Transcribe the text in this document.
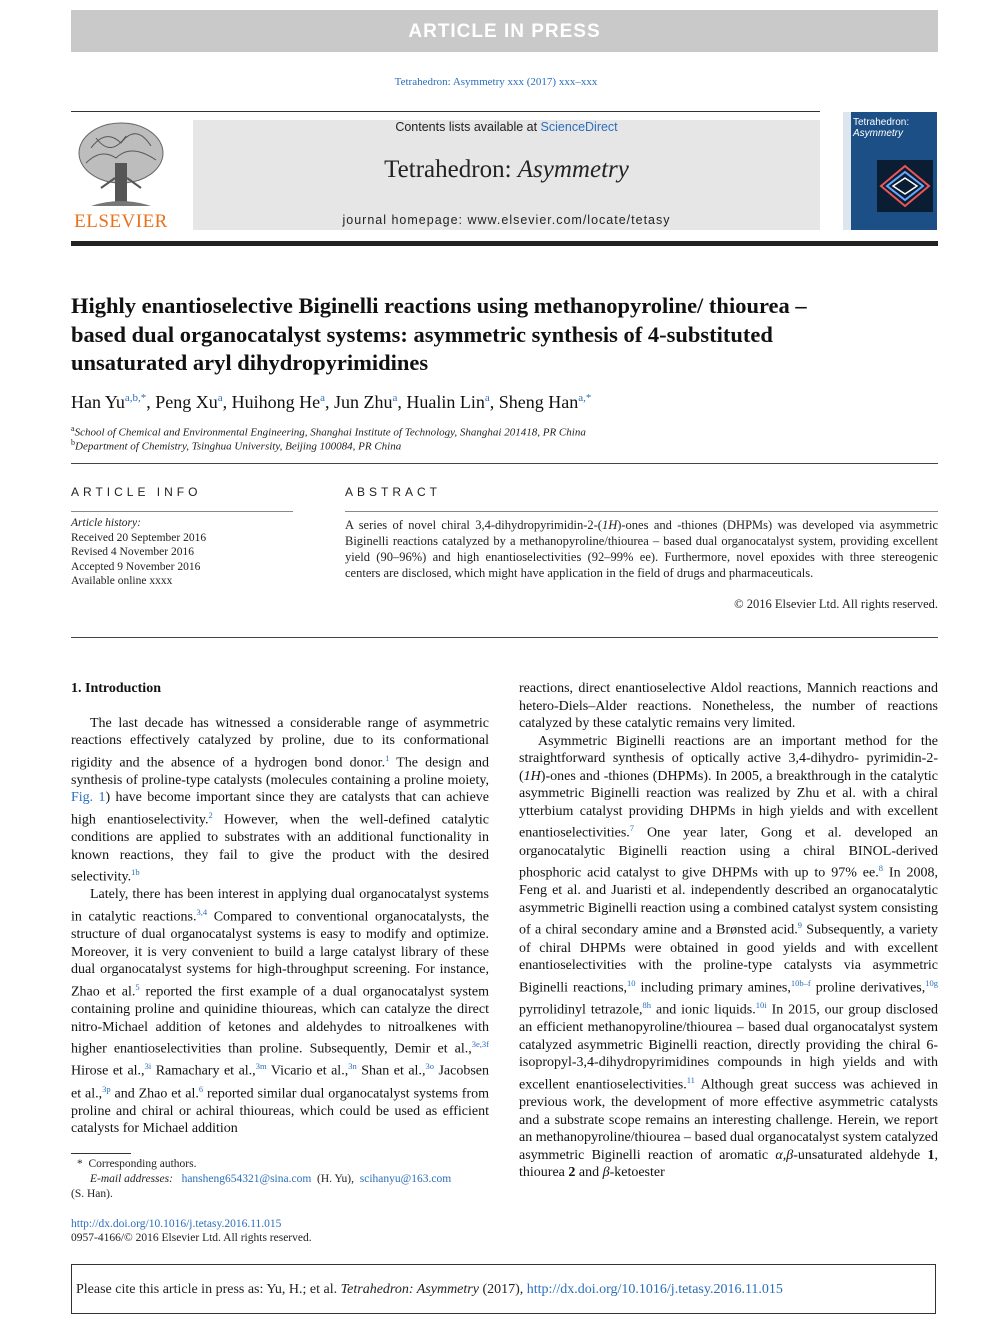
ARTICLE IN PRESS
Tetrahedron: Asymmetry xxx (2017) xxx–xxx
ELSEVIER
Contents lists available at ScienceDirect
Tetrahedron: Asymmetry
journal homepage: www.elsevier.com/locate/tetasy
Tetrahedron:
Asymmetry
Highly enantioselective Biginelli reactions using methanopyroline/ thiourea – based dual organocatalyst systems: asymmetric synthesis of 4-substituted unsaturated aryl dihydropyrimidines
Han $Yu^{a,b,*}$, Peng Xu$^a$, Huihong He$^a$, Jun Zhu$^a$, Hualin Lin$^a$, Sheng Han$^{a,*}$
$^a$School of Chemical and Environmental Engineering, Shanghai Institute of Technology, Shanghai 201418, PR China
$^b$Department of Chemistry, Tsinghua University, Beijing 100084, PR China
ARTICLE INFO
Article history:
Received 20 September 2016
Revised 4 November 2016
Accepted 9 November 2016
Available online xxxx
ABSTRACT
A series of novel chiral 3,4-dihydropyrimidin-2-(1H)-ones and -thiones (DHPMs) was developed via asymmetric Biginelli reactions catalyzed by a methanopyroline/thiourea – based dual organocatalyst system, providing excellent yield (90–96%) and high enantioselectivities (92–99% ee). Furthermore, novel epoxides with three stereogenic centers are disclosed, which might have application in the field of drugs and pharmaceuticals.
© 2016 Elsevier Ltd. All rights reserved.

1. Introduction

The last decade has witnessed a considerable range of asymmetric reactions effectively catalyzed by proline, due to its conformational rigidity and the absence of a hydrogen bond donor.$^1$ The design and synthesis of proline-type catalysts (molecules containing a proline moiety, Fig. 1) have become important since they are catalysts that can achieve high enantioselectivity.$^2$ However, when the well-defined catalytic conditions are applied to substrates with an additional functionality in known reactions, they fail to give the product with the desired selectivity.$^{1b}$

Lately, there has been interest in applying dual organocatalyst systems in catalytic reactions.$^{3,4}$ Compared to conventional organocatalysts, the structure of dual organocatalyst systems is easy to modify and optimize. Moreover, it is very convenient to build a large catalyst library of these dual organocatalyst systems for high-throughput screening. For instance, Zhao et al.$^5$ reported the first example of a dual organocatalyst system containing proline and quinidine thioureas, which can catalyze the direct nitro-Michael addition of ketones and aldehydes to nitroalkenes with higher enantioselectivities than proline. Subsequently, Demir et al.,$^{3e,3f}$ Hirose et al.,$^{3i}$ Ramachary et al.,$^{3m}$ Vicario et al.,$^{3n}$ Shan et al.,$^{3o}$ Jacobsen et al.,$^{3p}$ and Zhao et al.$^6$ reported similar dual organocatalyst systems from proline and chiral or achiral thioureas, which could be used as efficient catalysts for Michael addition

reactions, direct enantioselective Aldol reactions, Mannich reactions and hetero-Diels–Alder reactions. Nonetheless, the number of reactions catalyzed by these catalytic remains very limited.

Asymmetric Biginelli reactions are an important method for the straightforward synthesis of optically active 3,4-dihydro- pyrimidin-2-(1H)-ones and -thiones (DHPMs). In 2005, a breakthrough in the catalytic asymmetric Biginelli reaction was realized by Zhu et al. with a chiral ytterbium catalyst providing DHPMs in high yields and with excellent enantioselectivities.$^7$ One year later, Gong et al. developed an organocatalytic Biginelli reaction using a chiral BINOL-derived phosphoric acid catalyst to give DHPMs with up to 97% ee.$^8$ In 2008, Feng et al. and Juaristi et al. independently described an organocatalytic asymmetric Biginelli reaction using a combined catalyst system consisting of a chiral secondary amine and a Brønsted acid.$^9$ Subsequently, a variety of chiral DHPMs were obtained in good yields and with excellent enantioselectivities with the proline-type catalysts via asymmetric Biginelli reactions,$^{10}$ including primary amines,$^{10b-f}$ proline derivatives,$^{10g}$ pyrrolidinyl tetrazole,$^{8h}$ and ionic liquids.$^{10i}$ In 2015, our group disclosed an efficient methanopyroline/thiourea – based dual organocatalyst system catalyzed asymmetric Biginelli reaction, directly providing the chiral 6-isopropyl-3,4-dihydropyrimidines compounds in high yields and with excellent enantioselectivities.$^{11}$ Although great success was achieved in previous work, the development of more effective asymmetric catalysts and a substrate scope remains an interesting challenge. Herein, we report an methanopyroline/thiourea – based dual organocatalyst system catalyzed asymmetric Biginelli reaction of aromatic α,β-unsaturated aldehyde 1, thiourea 2 and β-ketoester

* Corresponding authors.
E-mail addresses: hansheng654321@sina.com (H. Yu), scihanyu@163.com
(S. Han).
http://dx.doi.org/10.1016/j.tetasy.2016.11.015
0957-4166/© 2016 Elsevier Ltd. All rights reserved.
Please cite this article in press as: Yu, H.; et al. Tetrahedron: Asymmetry (2017), http://dx.doi.org/10.1016/j.tetasy.2016.11.015
